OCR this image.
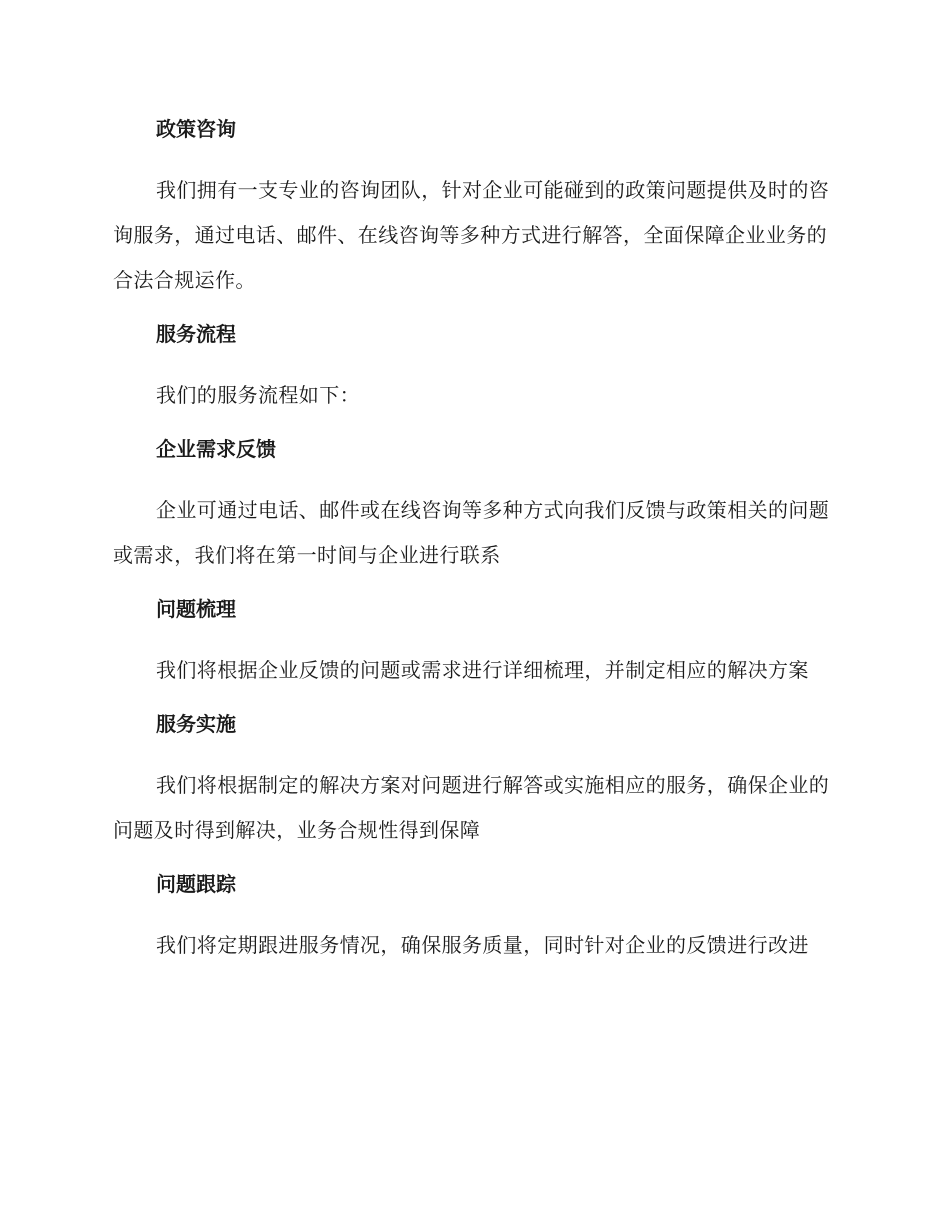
政策咨询

我们拥有一支专业的咨询团队，针对企业可能碰到的政策问题提供及时的咨询服务，通过电话、邮件、在线咨询等多种方式进行解答，全面保障企业业务的合法合规运作。

服务流程

我们的服务流程如下：

企业需求反馈

企业可通过电话、邮件或在线咨询等多种方式向我们反馈与政策相关的问题或需求，我们将在第一时间与企业进行联系

问题梳理

我们将根据企业反馈的问题或需求进行详细梳理，并制定相应的解决方案

服务实施

我们将根据制定的解决方案对问题进行解答或实施相应的服务，确保企业的问题及时得到解决，业务合规性得到保障

问题跟踪

我们将定期跟进服务情况，确保服务质量，同时针对企业的反馈进行改进
